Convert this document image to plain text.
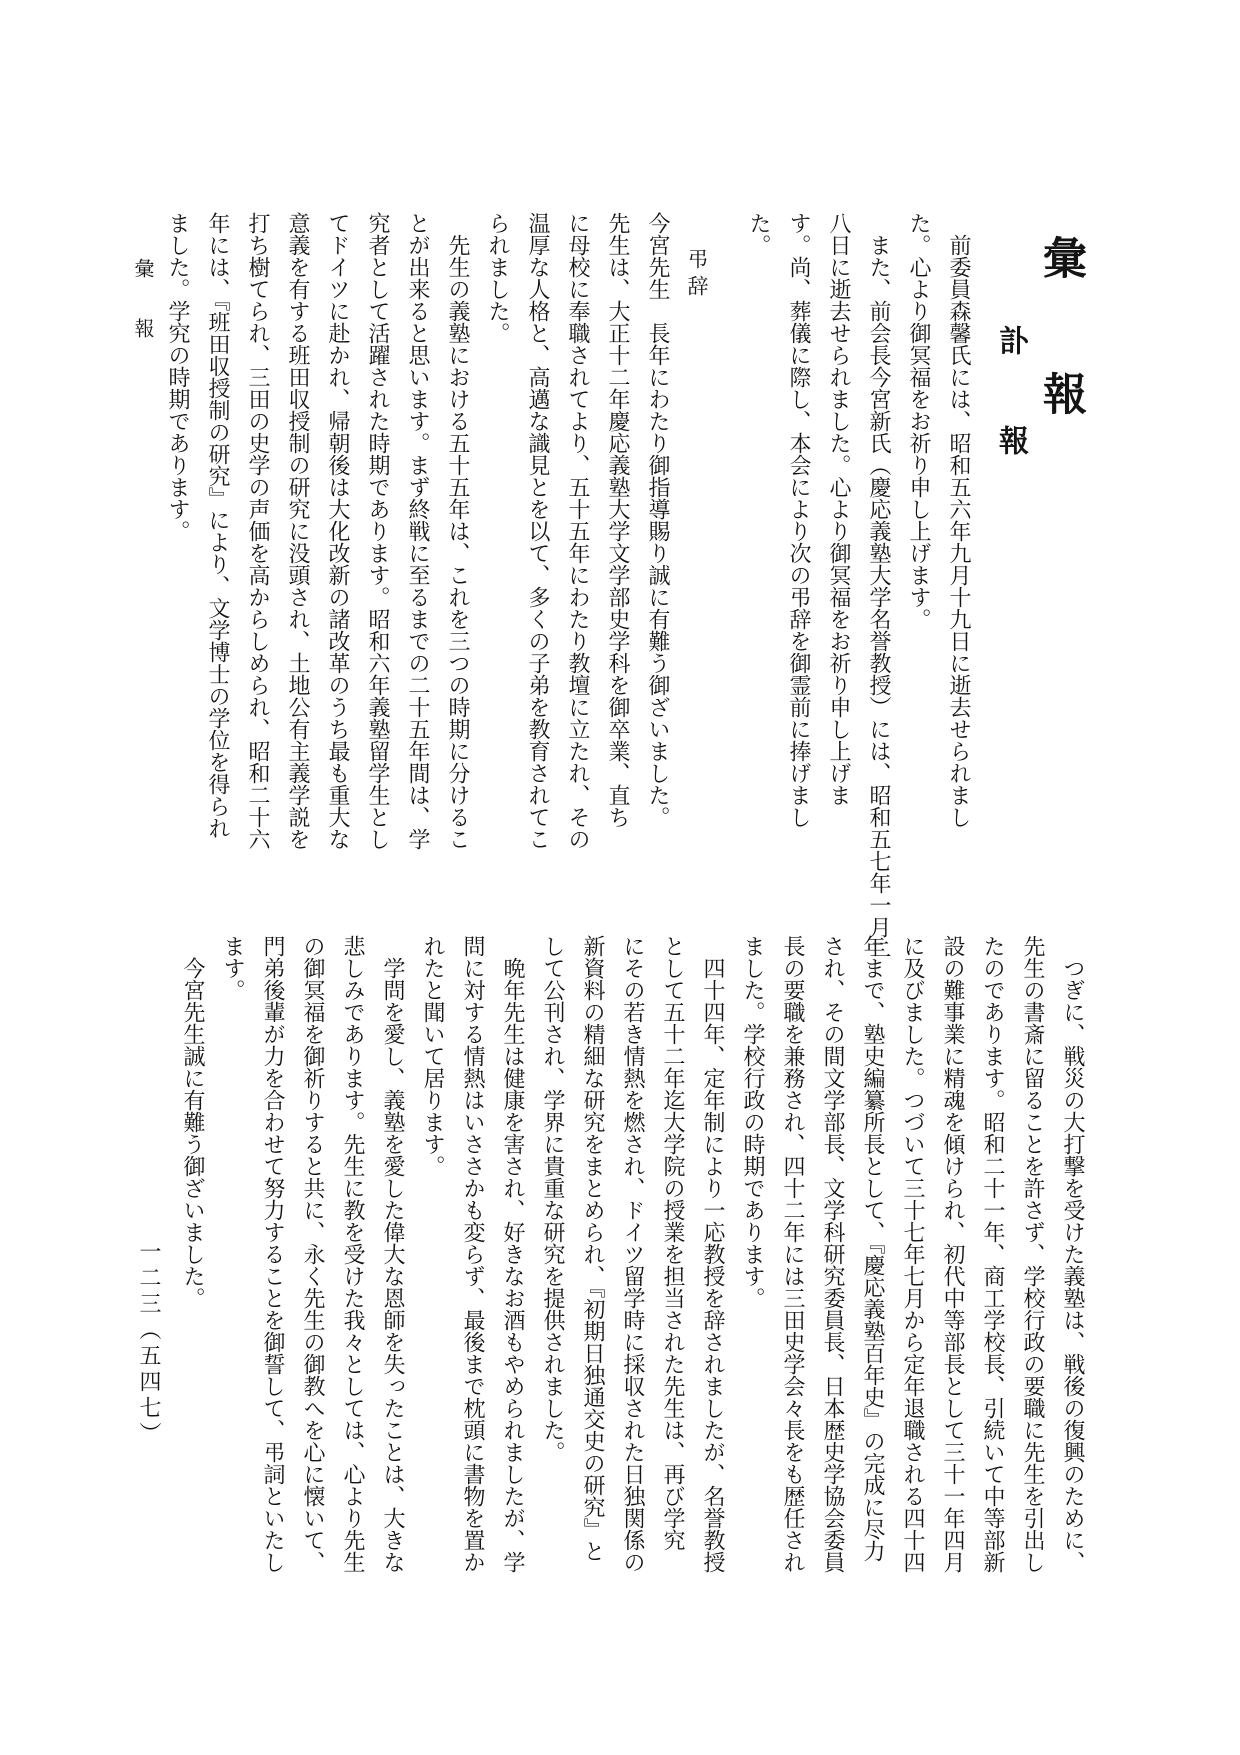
彙　報
訃　報
前委員森馨氏には、昭和五六年九月十九日に逝去せられまし
た。心より御冥福をお祈り申し上げます。
また、前会長今宮新氏（慶応義塾大学名誉教授）には、昭和五七年一月二
八日に逝去せられました。心より御冥福をお祈り申し上げま
す。尚、葬儀に際し、本会により次の弔辞を御霊前に捧げまし
た。
弔辞
今宮先生　長年にわたり御指導賜り誠に有難う御ざいました。
先生は、大正十二年慶応義塾大学文学部史学科を御卒業、直ち
に母校に奉職されてより、五十五年にわたり教壇に立たれ、その
温厚な人格と、高邁な識見とを以て、多くの子弟を教育されてこ
られました。
先生の義塾における五十五年は、これを三つの時期に分けるこ
とが出来ると思います。まず終戦に至るまでの二十五年間は、学
究者として活躍された時期であります。昭和六年義塾留学生とし
てドイツに赴かれ、帰朝後は大化改新の諸改革のうち最も重大な
意義を有する班田収授制の研究に没頭され、土地公有主義学説を
打ち樹てられ、三田の史学の声価を高からしめられ、昭和二十六
年には、『班田収授制の研究』により、文学博士の学位を得られ
ました。学究の時期であります。
つぎに、戦災の大打撃を受けた義塾は、戦後の復興のために、
先生の書斎に留ることを許さず、学校行政の要職に先生を引出し
たのであります。昭和二十一年、商工学校長、引続いて中等部新
設の難事業に精魂を傾けられ、初代中等部長として三十一年四月
に及びました。つづいて三十七年七月から定年退職される四十四
年まで、塾史編纂所長として、『慶応義塾百年史』の完成に尽力
され、その間文学部長、文学科研究委員長、日本歴史学協会委員
長の要職を兼務され、四十二年には三田史学会々長をも歴任され
ました。学校行政の時期であります。
四十四年、定年制により一応教授を辞されましたが、名誉教授
として五十二年迄大学院の授業を担当された先生は、再び学究
にその若き情熱を燃され、ドイツ留学時に採収された日独関係の
新資料の精細な研究をまとめられ、『初期日独通交史の研究』と
して公刊され、学界に貴重な研究を提供されました。
晩年先生は健康を害され、好きなお酒もやめられましたが、学
問に対する情熱はいささかも変らず、最後まで枕頭に書物を置か
れたと聞いて居ります。
学問を愛し、義塾を愛した偉大な恩師を失ったことは、大きな
悲しみであります。先生に教を受けた我々としては、心より先生
の御冥福を御祈りすると共に、永く先生の御教へを心に懐いて、
門弟後輩が力を合わせて努力することを御誓して、弔詞といたし
ます。
今宮先生誠に有難う御ざいました。
彙報
一二三（五四七）
